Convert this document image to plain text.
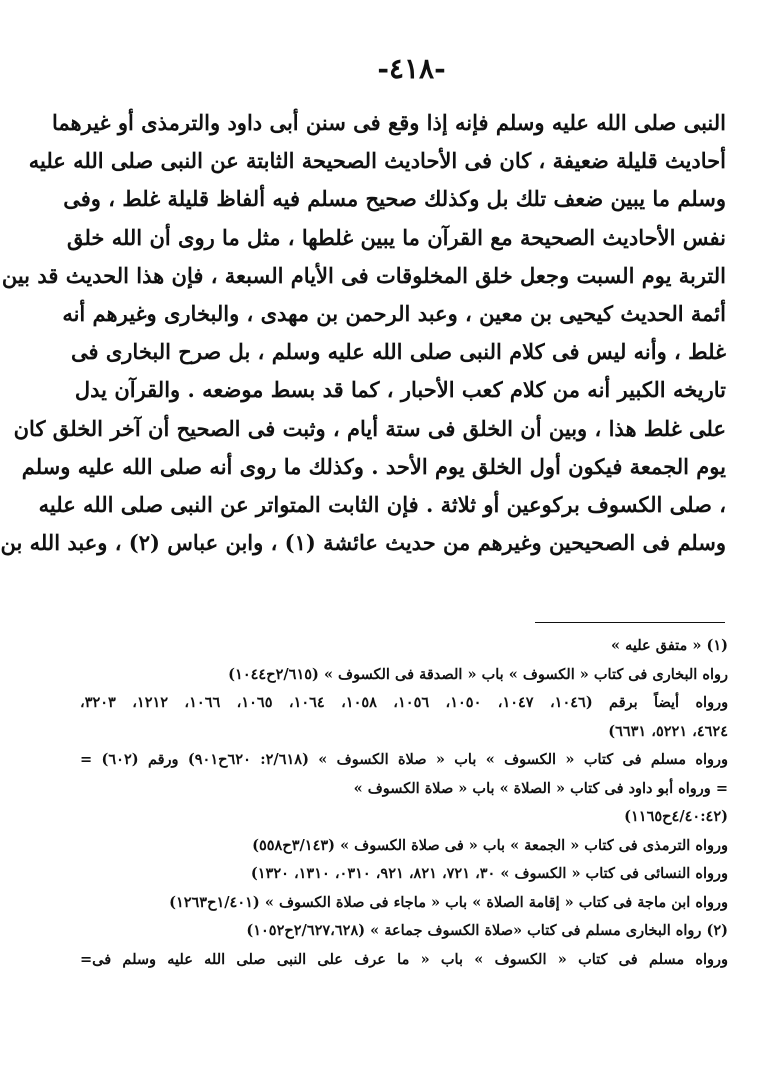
-٤١٨-
النبى صلى الله عليه وسلم فإنه إذا وقع فى سنن أبى داود والترمذى أو غيرهما
أحاديث قليلة ضعيفة ، كان فى الأحاديث الصحيحة الثابتة عن النبى صلى الله عليه
وسلم ما يبين ضعف تلك بل وكذلك صحيح مسلم فيه ألفاظ قليلة غلط ، وفى
نفس الأحاديث الصحيحة مع القرآن ما يبين غلطها ، مثل ما روى أن الله خلق
التربة يوم السبت وجعل خلق المخلوقات فى الأيام السبعة ، فإن هذا الحديث قد بين
أئمة الحديث كيحيى بن معين ، وعبد الرحمن بن مهدى ، والبخارى وغيرهم أنه
غلط ، وأنه ليس فى كلام النبى صلى الله عليه وسلم ، بل صرح البخارى فى
تاريخه الكبير أنه من كلام كعب الأحبار ، كما قد بسط موضعه . والقرآن يدل
على غلط هذا ، وبين أن الخلق فى ستة أيام ، وثبت فى الصحيح أن آخر الخلق كان
يوم الجمعة فيكون أول الخلق يوم الأحد . وكذلك ما روى أنه صلى الله عليه وسلم
، صلى الكسوف بركوعين أو ثلاثة . فإن الثابت المتواتر عن النبى صلى الله عليه
وسلم فى الصحيحين وغيرهم من حديث عائشة (١) ، وابن عباس (٢) ، وعبد الله بن
(١) « متفق عليه »
رواه البخارى فى كتاب « الكسوف » باب « الصدقة فى الكسوف » (٢/٦١٥ح١٠٤٤)
ورواه أيضاً برقم (١٠٤٦، ١٠٤٧، ١٠٥٠، ١٠٥٦، ١٠٥٨، ١٠٦٤، ١٠٦٥، ١٠٦٦، ١٢١٢، ٣٢٠٣،
٤٦٢٤، ٥٢٢١، ٦٦٣١)
ورواه مسلم فى كتاب « الكسوف » باب « صلاة الكسوف » (٢/٦١٨: ٦٢٠ح٩٠١) ورقم (٦٠٢) =
= ورواه أبو داود فى كتاب « الصلاة » باب « صلاة الكسوف »
(٤/٤٠:٤٢ح١١٦٥)
ورواه الترمذى فى كتاب « الجمعة » باب « فى صلاة الكسوف » (٣/١٤٣ح٥٥٨)
ورواه النسائى فى كتاب « الكسوف » ٣٠، ٧٢١، ٨٢١، ٩٢١، ٠٣١٠، ١٣١٠، ١٣٢٠)
ورواه ابن ماجة فى كتاب « إقامة الصلاة » باب « ماجاء فى صلاة الكسوف » (١/٤٠١ح١٢٦٣)
(٢) رواه البخارى مسلم فى كتاب «صلاة الكسوف جماعة » (٢/٦٢٧،٦٢٨ح١٠٥٢)
ورواه مسلم فى كتاب « الكسوف » باب « ما عرف على النبى صلى الله عليه وسلم فى=
